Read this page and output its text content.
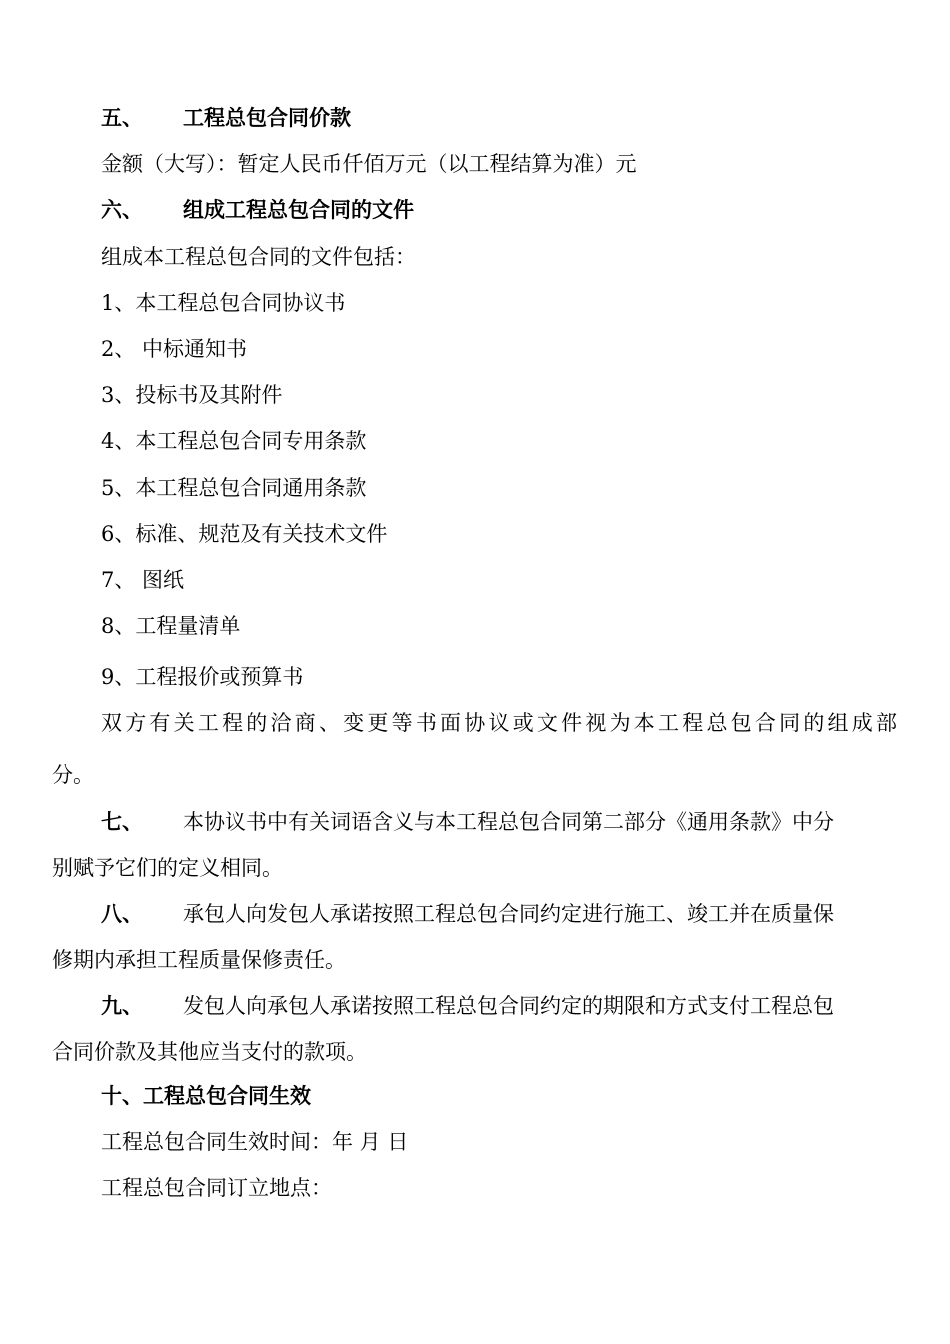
五、 工程总包合同价款
金额（大写）：暂定人民币仟佰万元（以工程结算为准）元
六、 组成工程总包合同的文件
组成本工程总包合同的文件包括：
1、本工程总包合同协议书
2、 中标通知书
3、投标书及其附件
4、本工程总包合同专用条款
5、本工程总包合同通用条款
6、标准、规范及有关技术文件
7、 图纸
8、工程量清单
9、工程报价或预算书
双方有关工程的洽商、变更等书面协议或文件视为本工程总包合同的组成部
分。
七、 本协议书中有关词语含义与本工程总包合同第二部分《通用条款》中分
别赋予它们的定义相同。
八、 承包人向发包人承诺按照工程总包合同约定进行施工、竣工并在质量保
修期内承担工程质量保修责任。
九、 发包人向承包人承诺按照工程总包合同约定的期限和方式支付工程总包
合同价款及其他应当支付的款项。
十、工程总包合同生效
工程总包合同生效时间：年 月 日
工程总包合同订立地点：
